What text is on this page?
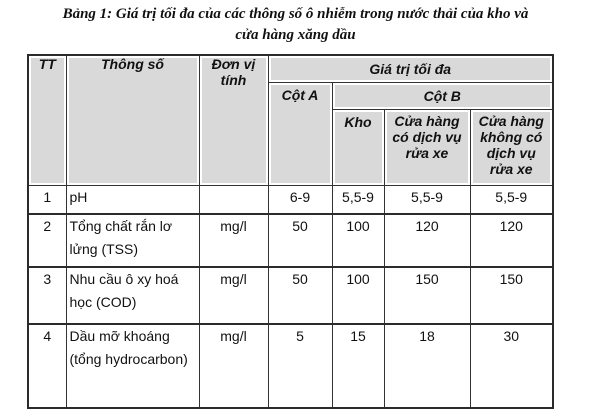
Bảng 1: Giá trị tối đa của các thông số ô nhiễm trong nước thải của kho và
cửa hàng xăng dầu
TT	Thông số	Đơn vị tính	Giá trị tối đa			
			Cột A	Cột B		
				Kho	Cửa hàng có dịch vụ rửa xe	Cửa hàng không có dịch vụ rửa xe
1	pH		6-9	5,5-9	5,5-9	5,5-9
2	Tổng chất rắn lơ lửng (TSS)	mg/l	50	100	120	120
3	Nhu cầu ô xy hoá học (COD)	mg/l	50	100	150	150
4	Dầu mỡ khoáng (tổng hydrocarbon)	mg/l	5	15	18	30
